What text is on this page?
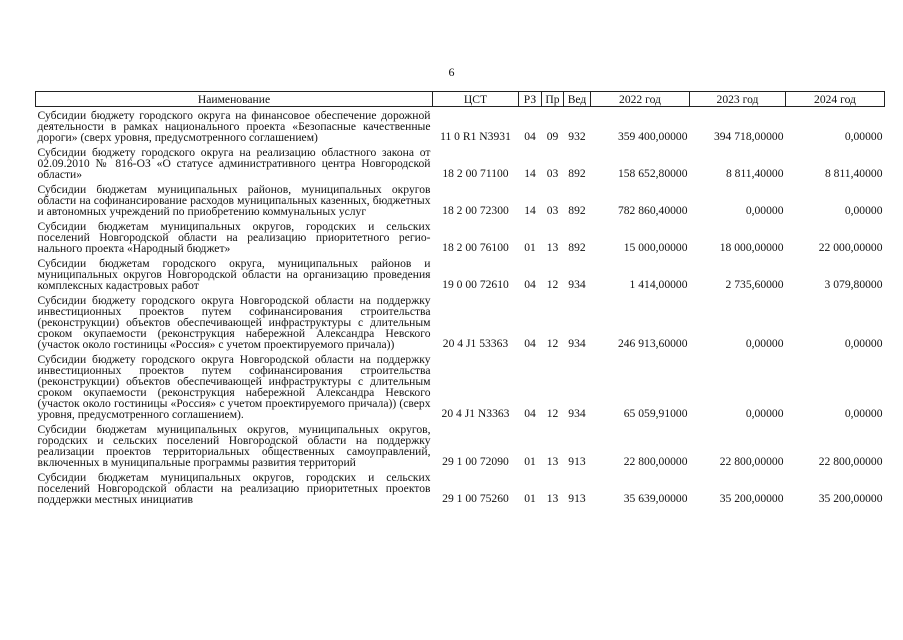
6
Наименование	ЦСТ	РЗ	Пр	Вед	2022 год	2023 год	2024 год
Субсидии бюджету городского округа на финансовое обеспечение дорожной деятельности в рамках национального проекта «Безопасные качественные дороги» (сверх уровня, предусмотренного соглашением)	11 0 R1 N3931	04	09	932	359 400,00000	394 718,00000	0,00000
Субсидии бюджету городского округа на реализацию областного закона от 02.09.2010 № 816-ОЗ «О статусе административного центра Новгородской области»	18 2 00 71100	14	03	892	158 652,80000	8 811,40000	8 811,40000
Субсидии бюджетам муниципальных районов, муниципальных округов области на софинансирование расходов муниципальных казенных, бюджетных и автономных учреждений по приобретению коммунальных услуг	18 2 00 72300	14	03	892	782 860,40000	0,00000	0,00000
Субсидии бюджетам муниципальных округов, городских и сельских поселений Новгородской области на реализацию приоритетного регионального проекта «Народный бюджет»	18 2 00 76100	01	13	892	15 000,00000	18 000,00000	22 000,00000
Субсидии бюджетам городского округа, муниципальных районов и муниципальных округов Новгородской области на организацию проведения комплексных кадастровых работ	19 0 00 72610	04	12	934	1 414,00000	2 735,60000	3 079,80000
Субсидии бюджету городского округа Новгородской области на поддержку инвестиционных проектов путем софинансирования строительства (реконструкции) объектов обеспечивающей инфраструктуры с длительным сроком окупаемости (реконструкция набережной Александра Невского (участок около гостиницы «Россия» с учетом проектируемого причала))	20 4 J1 53363	04	12	934	246 913,60000	0,00000	0,00000
Субсидии бюджету городского округа Новгородской области на поддержку инвестиционных проектов путем софинансирования строительства (реконструкции) объектов обеспечивающей инфраструктуры с длительным сроком окупаемости (реконструкция набережной Александра Невского (участок около гостиницы «Россия» с учетом проектируемого причала)) (сверх уровня, предусмотренного соглашением).	20 4 J1 N3363	04	12	934	65 059,91000	0,00000	0,00000
Субсидии бюджетам муниципальных округов, муниципальных округов, городских и сельских поселений Новгородской области на поддержку реализации проектов территориальных общественных самоуправлений, включенных в муниципальные программы развития территорий	29 1 00 72090	01	13	913	22 800,00000	22 800,00000	22 800,00000
Субсидии бюджетам муниципальных округов, городских и сельских поселений Новгородской области на реализацию приоритетных проектов поддержки местных инициатив	29 1 00 75260	01	13	913	35 639,00000	35 200,00000	35 200,00000
